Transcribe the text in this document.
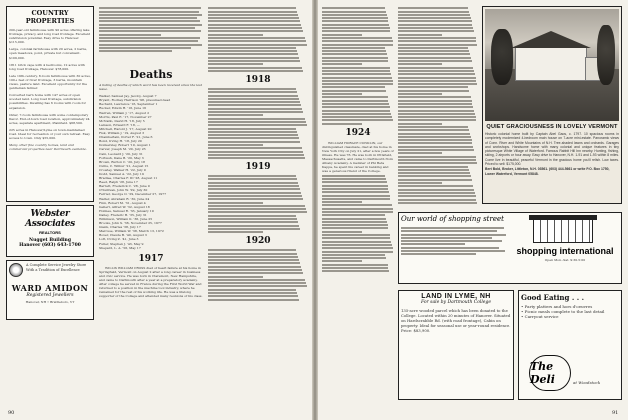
COUNTRY PROPERTIES
200-year-old farmhouse with 90 acres offering lake frontage, privacy, and long road frontage. Excellent subdivision potential. Easy drive to Hanover. $115,000.
Large, colonial farmhouse with 20 acres, 2 barns, open meadows, pond, private but convenient. $109,000.
1811 brick cape with 4 bedrooms, 12 acres with long road frontage, Hanover. $78,000.
Late 19th-century, 8-room farmhouse with 30 acres, 100+ feet of river frontage, 3 barns, mountain views, pasture land. Excellent opportunity for the gentleman farmer.
Converted barn home with 147 acres of open wooded land. Long road frontage, subdivision possibilities. Dwelling has 6 rooms with room for expansion.
Older, 7-room farmhouse with some contemporary flavor. End-of-town road location, approximately 24 acres, separate apartment, Plainfield. $68,500.
225 acres in Hanover/Lyme on town-maintained road. Ideal for recreation or your own retreat. Easy access to town. Only $55,000.
Many other fine country homes, land and commercial properties near Dartmouth available.
Webster Associates
REALTORS
Nugget Building
Hanover (603) 643-1700
A Complete Service Jewelry Store With a Tradition of Excellence
WARD AMIDON
Registered Jewellers
Hanover, NH • Brattleboro, VT
Deaths
A listing of deaths of which word has been received since the last issue.
Walker, Samuel Jay, Jacoby, August 7
Bryant, Rodney Harrison '98, presumed dead
Bechard, Lawrence '16, September 1
Rucker, Edwin H. '16, June 16
Warren, William J. '17, August 2
Morris, Paul E. '17, November 27
McNabb, David H. '18, July 5
Lamson, Edward F. '18, —
Mitchell, Harold J. '17, August 20
Fisk, William J. '19, August 3
Chamberlain, Porter F. '21, June 6
Bond, Irving H. '18, July 20
Donkersley, Robert '19, August 1
Carver, Joseph M. '20, July 23
Cain, Leonard J. '20, July 31
Forbush, Dane B. '20, May 3
Brown, Burton C. '20, July 18
Cullis, C. Wilbur '21, August 15
Crowley, Walker H. '22, July 9
Dodd, Samuel A. '22, July 19
Bradlee, Charles F. III '28, August 11
Reed, Ralph '28, June 17
Barrett, Frederick C. '28, June 9
O'Sullivan, John W. '29, July 30
Ferrier, George O. '29, December 27, 1977
Walter, Abraham R. '30, June 24
Finn, Robert M. '31, August 4
Gellert, Alfred W. '32, August 18
Holmes, Samuel R. '33, January 19
Dailey, Frederic B. '35, July 31
Wilkinson, William K. '36, June 25
Brooks, John S. '36, November 25, 1977
Glenk, Charles '38, July 17
Marcuse, William W. '38, March 13, 1972
Boxer, Claude B. '40, August 3
Loft, Irving Z. '41, June 3
Fuller, Stephen J. '43, May 9
Shepard, L. A. '56, May 17
1917
WILLIS WILLIAM CROSS died of heart failure at his home in Springfield, Vermont on August 2 after a long career in business and civic service. He was born in Claremont, New Hampshire, and came to Dartmouth after a year at a preparatory academy. After college he served in France during the First World War and returned to a position in the machine tool industry, where he remained for the rest of his working life. He was a lifelong supporter of the College and attended many reunions of his class.
1918
1919
1920
90
1924
WILLIAM HORACE CONKLIN, our distinguished classmate, died at his home in New York City on July 21, after a few years of illness. He was 76. He was born in Pittsfield, Massachusetts, and came to Dartmouth from Albany Academy. A member of Phi Beta Kappa, he spent his career in banking and was a generous friend of the College.
QUIET GRACIOUSNESS IN LOVELY VERMONT
Historic colonial home built by Captain Abel Gaos, c. 1797. 10 spacious rooms in completely modernized 4-bedroom main house on 7-acre mini-estate. Panoramic views of Conn. River and White Mountains of N.H. Tree-shaded lawns and orchards. Garages and workshops. Handsome home with many colonial and unique features in tiny picturesque White Village of Waterford. Famous Rabbit Hill Inn nearby. Hunting, fishing, skiing, 2 airports or hour away. Easy drive to Hanover, N.H. 1-91 and 1-93 within 8 miles. Come live in beautiful, peaceful Vermont in the gracious home you'll relish. Low taxes. Priced to sell: $175,000.
Bert Bold, Broker, Littleton, N.H. 03561. (603) 444-5661 or write P.O. Box 1750, Lower Waterford, Vermont 05848.
Our world of shopping street
shopping international
Open Mon.-Sat. 9:30-5:00
LAND IN LYME, NH
For sale by Dartmouth College
135-acre wooded parcel which has been donated to the College. Located within 20 minutes of Hanover. Situated on Hardscrabble Rd. (with road frontage), Cabin on property. Ideal for seasonal use or year-round residence. Price: $83,900.
Good Eating . . .
• Party platters and hors d'oeuvres
• Picnic meals complete to the last detail
• Carryout service
The Deli	at Woodstock
91
